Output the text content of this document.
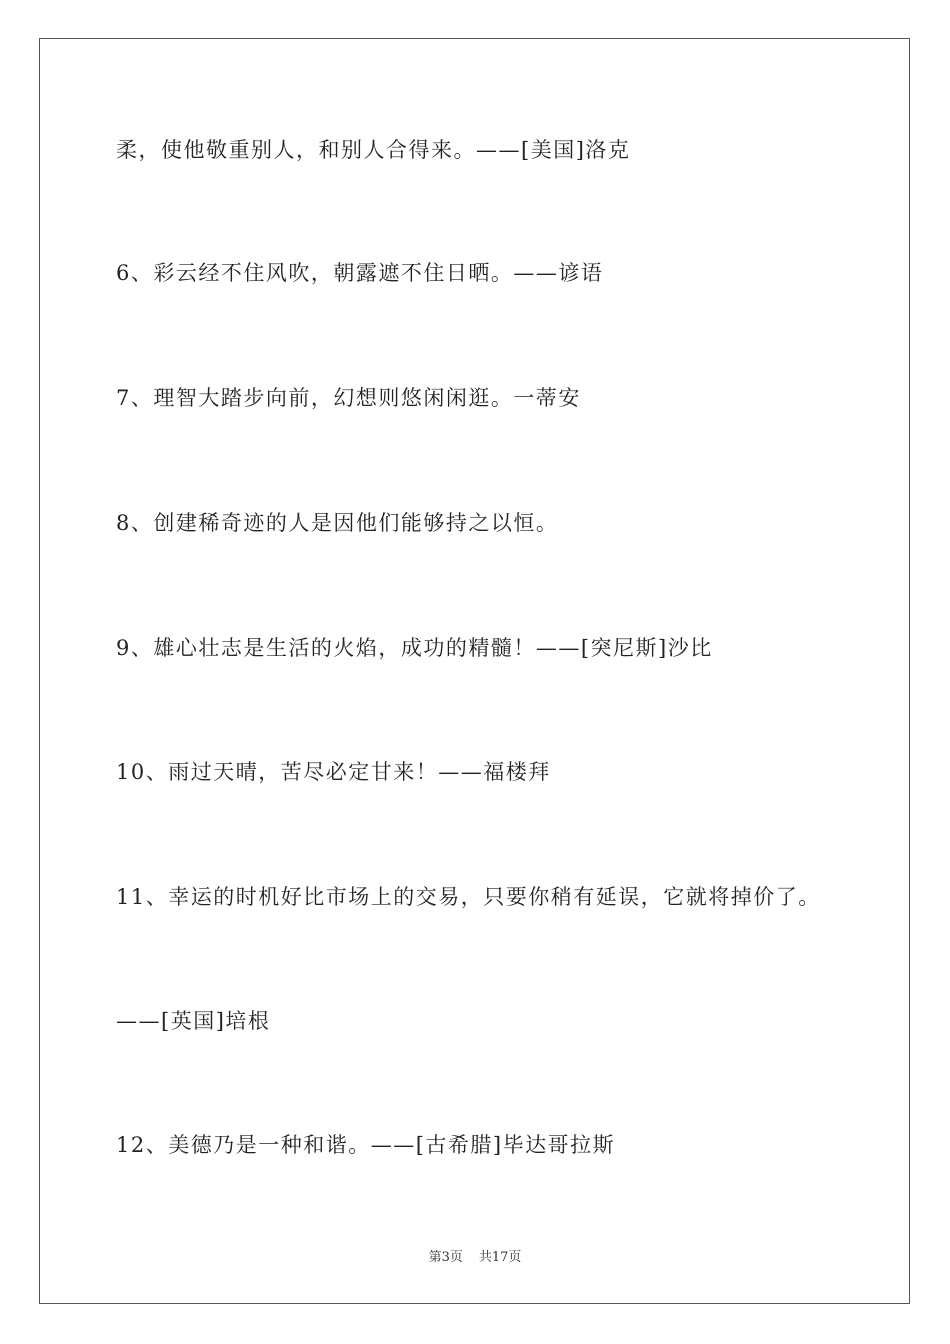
柔，使他敬重别人，和别人合得来。——[美国]洛克
6、彩云经不住风吹，朝露遮不住日晒。——谚语
7、理智大踏步向前，幻想则悠闲闲逛。一蒂安
8、创建稀奇迹的人是因他们能够持之以恒。
9、雄心壮志是生活的火焰，成功的精髓！——[突尼斯]沙比
10、雨过天晴，苦尽必定甘来！——福楼拜
11、幸运的时机好比市场上的交易，只要你稍有延误，它就将掉价了。
——[英国]培根
12、美德乃是一种和谐。——[古希腊]毕达哥拉斯
第3页 共17页
